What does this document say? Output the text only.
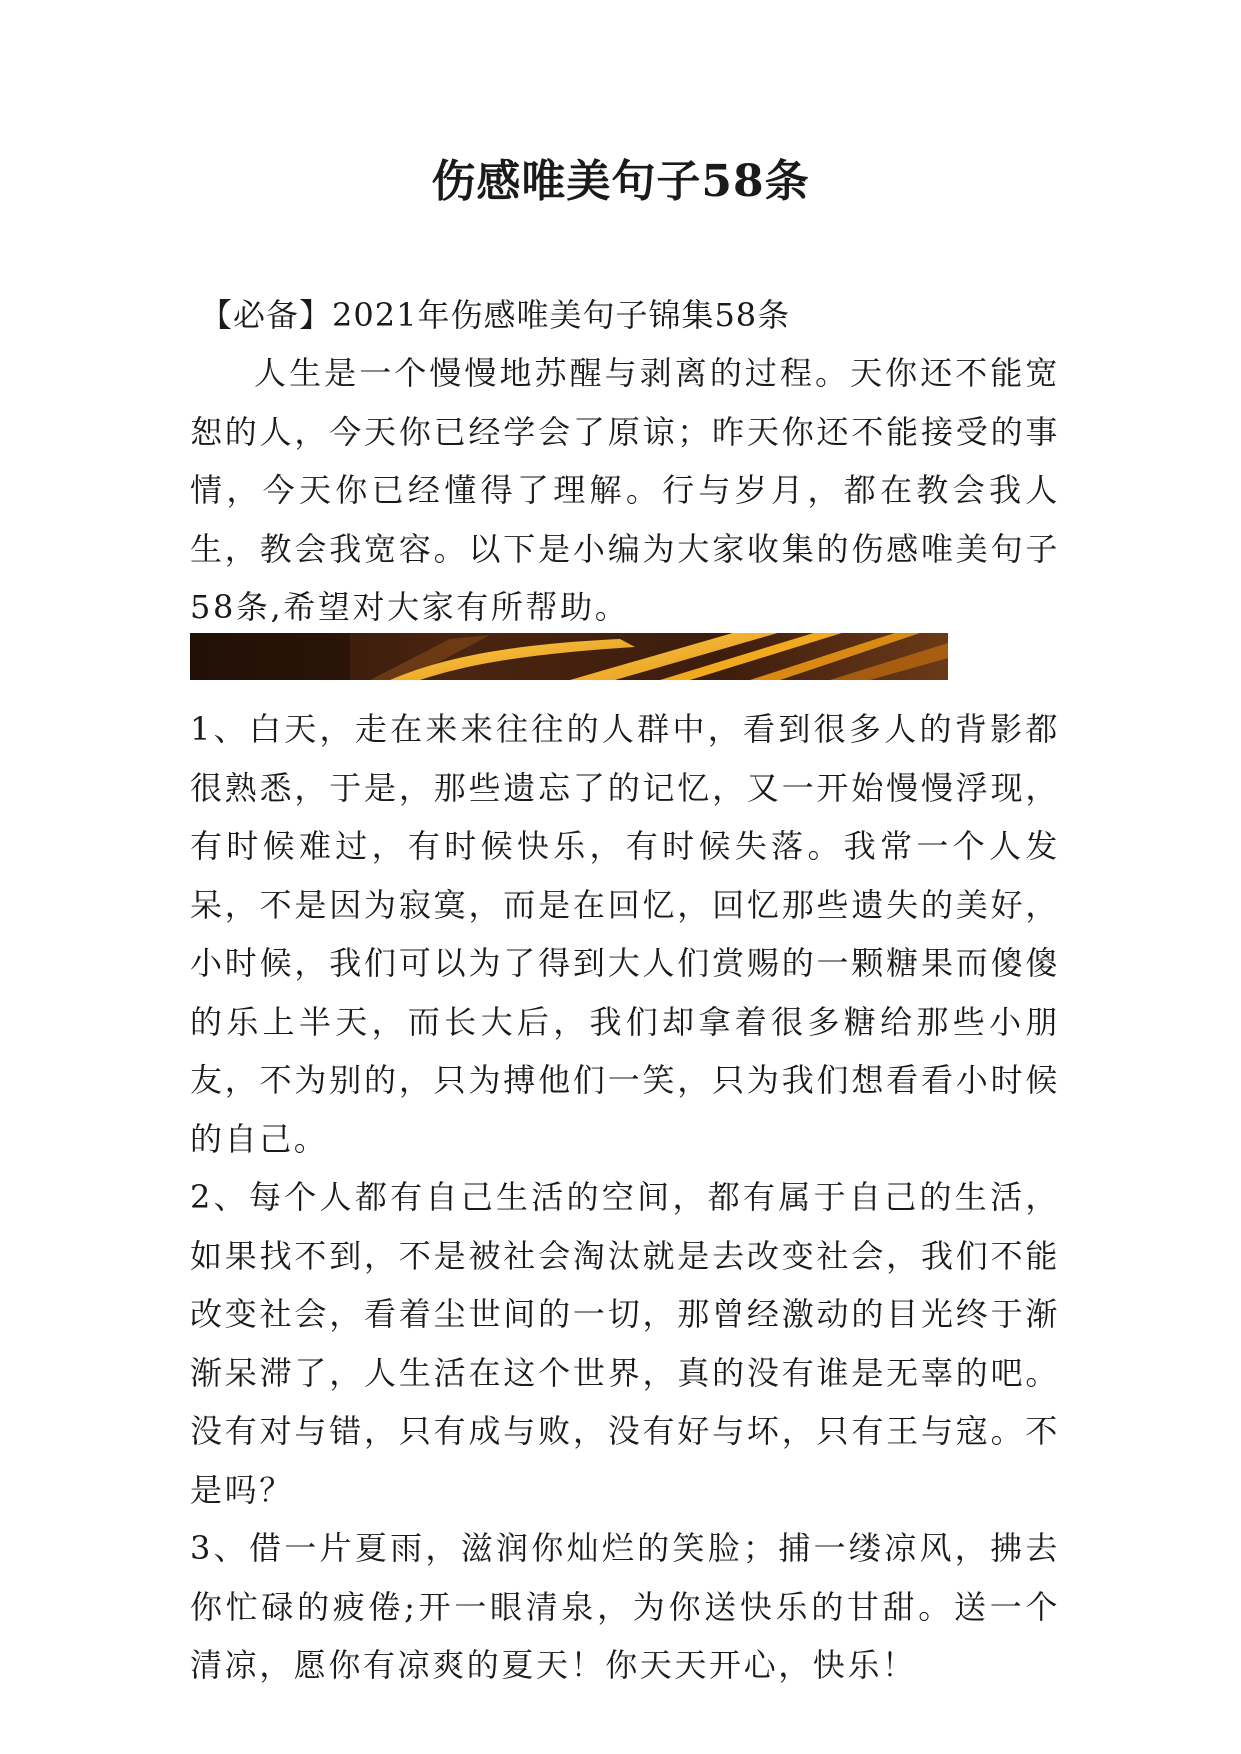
伤感唯美句子58条
【必备】2021年伤感唯美句子锦集58条

人生是一个慢慢地苏醒与剥离的过程。天你还不能宽恕的人，今天你已经学会了原谅；昨天你还不能接受的事情，今天你已经懂得了理解。行与岁月，都在教会我人生，教会我宽容。以下是小编为大家收集的伤感唯美句子58条,希望对大家有所帮助。

1、白天，走在来来往往的人群中，看到很多人的背影都很熟悉，于是，那些遗忘了的记忆，又一开始慢慢浮现，有时候难过，有时候快乐，有时候失落。我常一个人发呆，不是因为寂寞，而是在回忆，回忆那些遗失的美好，小时候，我们可以为了得到大人们赏赐的一颗糖果而傻傻的乐上半天，而长大后，我们却拿着很多糖给那些小朋友，不为别的，只为搏他们一笑，只为我们想看看小时候的自己。

2、每个人都有自己生活的空间，都有属于自己的生活，如果找不到，不是被社会淘汰就是去改变社会，我们不能改变社会，看着尘世间的一切，那曾经激动的目光终于渐渐呆滞了，人生活在这个世界，真的没有谁是无辜的吧。没有对与错，只有成与败，没有好与坏，只有王与寇。不是吗？

3、借一片夏雨，滋润你灿烂的笑脸；捕一缕凉风，拂去你忙碌的疲倦;开一眼清泉，为你送快乐的甘甜。送一个清凉，愿你有凉爽的夏天！你天天开心，快乐！
